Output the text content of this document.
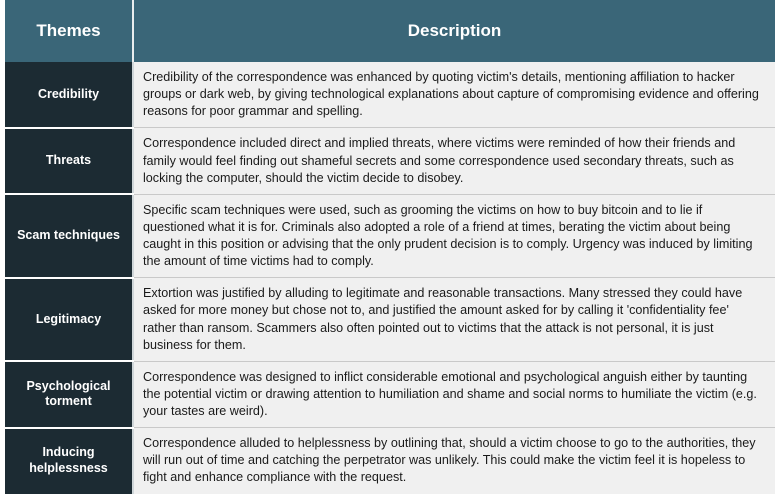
Themes	Description
Credibility	Credibility of the correspondence was enhanced by quoting victim's details, mentioning affiliation to hacker groups or dark web, by giving technological explanations about capture of compromising evidence and offering reasons for poor grammar and spelling.
Threats	Correspondence included direct and implied threats, where victims were reminded of how their friends and family would feel finding out shameful secrets and some correspondence used secondary threats, such as locking the computer, should the victim decide to disobey.
Scam techniques	Specific scam techniques were used, such as grooming the victims on how to buy bitcoin and to lie if questioned what it is for. Criminals also adopted a role of a friend at times, berating the victim about being caught in this position or advising that the only prudent decision is to comply. Urgency was induced by limiting the amount of time victims had to comply.
Legitimacy	Extortion was justified by alluding to legitimate and reasonable transactions. Many stressed they could have asked for more money but chose not to, and justified the amount asked for by calling it 'confidentiality fee' rather than ransom. Scammers also often pointed out to victims that the attack is not personal, it is just business for them.
Psychological torment	Correspondence was designed to inflict considerable emotional and psychological anguish either by taunting the potential victim or drawing attention to humiliation and shame and social norms to humiliate the victim (e.g. your tastes are weird).
Inducing helplessness	Correspondence alluded to helplessness by outlining that, should a victim choose to go to the authorities, they will run out of time and catching the perpetrator was unlikely. This could make the victim feel it is hopeless to fight and enhance compliance with the request.
